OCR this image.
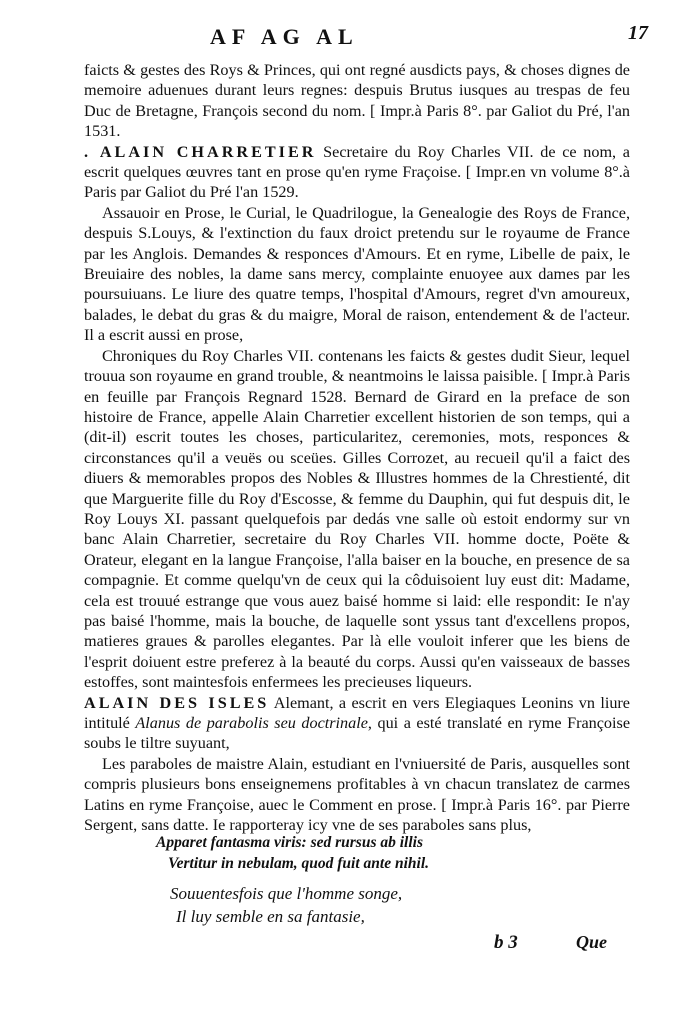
AF AG AL	17

faicts & gestes des Roys & Princes, qui ont regné ausdicts pays, & choses dignes de memoire aduenues durant leurs regnes: despuis Brutus iusques au trespas de feu Duc de Bretagne, François second du nom. [ Impr.à Paris 8°. par Galiot du Pré, l'an 1531.

. ALAIN CHARRETIER Secretaire du Roy Charles VII. de ce nom, a escrit quelques œuvres tant en prose qu'en ryme Fraçoise. [ Impr.en vn volume 8°.à Paris par Galiot du Pré l'an 1529.

Assauoir en Prose, le Curial, le Quadrilogue, la Genealogie des Roys de France, despuis S.Louys, & l'extinction du faux droict pretendu sur le royaume de France par les Anglois. Demandes & responces d'Amours. Et en ryme, Libelle de paix, le Breuiaire des nobles, la dame sans mercy, complainte enuoyee aux dames par les poursuiuans. Le liure des quatre temps, l'hospital d'Amours, regret d'vn amoureux, balades, le debat du gras & du maigre, Moral de raison, entendement & de l'acteur. Il a escrit aussi en prose,

Chroniques du Roy Charles VII. contenans les faicts & gestes dudit Sieur, lequel trouua son royaume en grand trouble, & neantmoins le laissa paisible. [ Impr.à Paris en feuille par François Regnard 1528. Bernard de Girard en la preface de son histoire de France, appelle Alain Charretier excellent historien de son temps, qui a (dit-il) escrit toutes les choses, particularitez, ceremonies, mots, responces & circonstances qu'il a veuës ou sceües. Gilles Corrozet, au recueil qu'il a faict des diuers & memorables propos des Nobles & Illustres hommes de la Chrestienté, dit que Marguerite fille du Roy d'Escosse, & femme du Dauphin, qui fut despuis dit, le Roy Louys XI. passant quelquefois par dedás vne salle où estoit endormy sur vn banc Alain Charretier, secretaire du Roy Charles VII. homme docte, Poëte & Orateur, elegant en la langue Françoise, l'alla baiser en la bouche, en presence de sa compagnie. Et comme quelqu'vn de ceux qui la côduisoient luy eust dit: Madame, cela est trouué estrange que vous auez baisé homme si laid: elle respondit: Ie n'ay pas baisé l'homme, mais la bouche, de laquelle sont yssus tant d'excellens propos, matieres graues & parolles elegantes. Par là elle vouloit inferer que les biens de l'esprit doiuent estre preferez à la beauté du corps. Aussi qu'en vaisseaux de basses estoffes, sont maintesfois enfermees les precieuses liqueurs.

ALAIN DES ISLES Alemant, a escrit en vers Elegiaques Leonins vn liure intitulé Alanus de parabolis seu doctrinale, qui a esté translaté en ryme Françoise soubs le tiltre suyuant,

Les paraboles de maistre Alain, estudiant en l'vniuersité de Paris, ausquelles sont compris plusieurs bons enseignemens profitables à vn chacun translatez de carmes Latins en ryme Françoise, auec le Comment en prose. [ Impr.à Paris 16°. par Pierre Sergent, sans datte. Ie rapporteray icy vne de ses paraboles sans plus,

Apparet fantasma viris: sed rursus ab illis
Vertitur in nebulam, quod fuit ante nihil.
Souuentesfois que l'homme songe,
Il luy semble en sa fantasie,
b 3	Que
